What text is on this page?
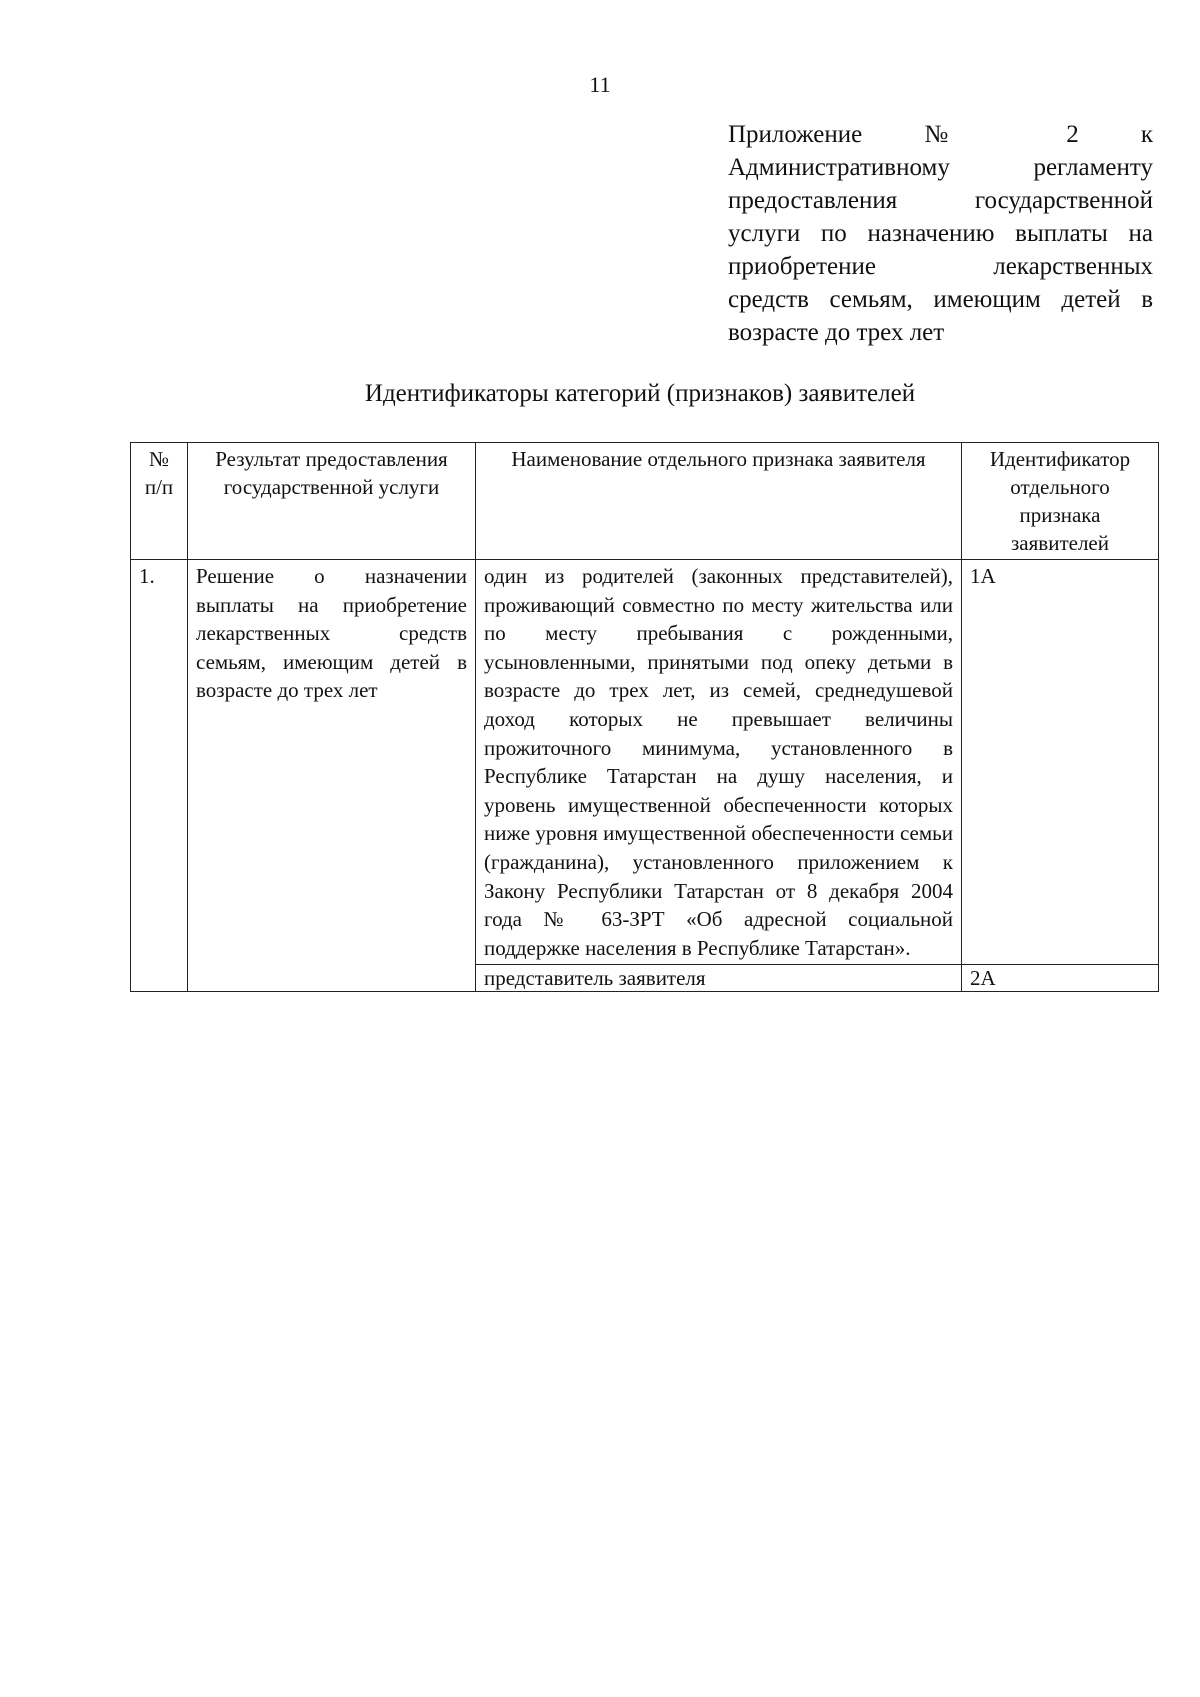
11
Приложение № 2 к
Административному регламенту
предоставления государственной
услуги по назначению выплаты на
приобретение лекарственных
средств семьям, имеющим детей в
возрасте до трех лет
Идентификаторы категорий (признаков) заявителей
№ п/п	Результат предоставления государственной услуги	Наименование отдельного признака заявителя	Идентификатор отдельного признака заявителей
1.	Решение о назначении выплаты на приобретение лекарственных средств семьям, имеющим детей в возрасте до трех лет	один из родителей (законных представителей), проживающий совместно по месту жительства или по месту пребывания с рожденными, усыновленными, принятыми под опеку детьми в возрасте до трех лет, из семей, среднедушевой доход которых не превышает величины прожиточного минимума, установленного в Республике Татарстан на душу населения, и уровень имущественной обеспеченности которых ниже уровня имущественной обеспеченности семьи (гражданина), установленного приложением к Закону Республики Татарстан от 8 декабря 2004 года № 63-ЗРТ «Об адресной социальной поддержке населения в Республике Татарстан».	1А
		представитель заявителя	2А
